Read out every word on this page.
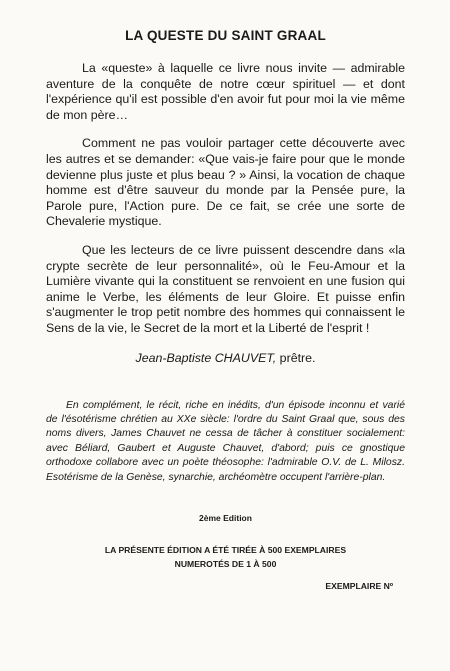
LA QUESTE DU SAINT GRAAL

La «queste» à laquelle ce livre nous invite — admirable aventure de la conquête de notre cœur spirituel — et dont l'expérience qu'il est possible d'en avoir fut pour moi la vie même de mon père…

Comment ne pas vouloir partager cette découverte avec les autres et se demander: «Que vais-je faire pour que le monde devienne plus juste et plus beau ? » Ainsi, la vocation de chaque homme est d'être sauveur du monde par la Pensée pure, la Parole pure, l'Action pure. De ce fait, se crée une sorte de Chevalerie mystique.

Que les lecteurs de ce livre puissent descendre dans «la crypte secrète de leur personnalité», où le Feu-Amour et la Lumière vivante qui la constituent se renvoient en une fusion qui anime le Verbe, les éléments de leur Gloire. Et puisse enfin s'augmenter le trop petit nombre des hommes qui connaissent le Sens de la vie, le Secret de la mort et la Liberté de l'esprit !

Jean-Baptiste CHAUVET, prêtre.

En complément, le récit, riche en inédits, d'un épisode inconnu et varié de l'ésotérisme chrétien au XXe siècle: l'ordre du Saint Graal que, sous des noms divers, James Chauvet ne cessa de tâcher à constituer socialement: avec Béliard, Gaubert et Auguste Chauvet, d'abord; puis ce gnostique orthodoxe collabore avec un poète théosophe: l'admirable O.V. de L. Milosz. Esotérisme de la Genèse, synarchie, archéomètre occupent l'arrière-plan.

2ème Edition

LA PRÉSENTE ÉDITION A ÉTÉ TIRÉE À 500 EXEMPLAIRES
NUMEROTÉS DE 1 À 500

EXEMPLAIRE Nº
